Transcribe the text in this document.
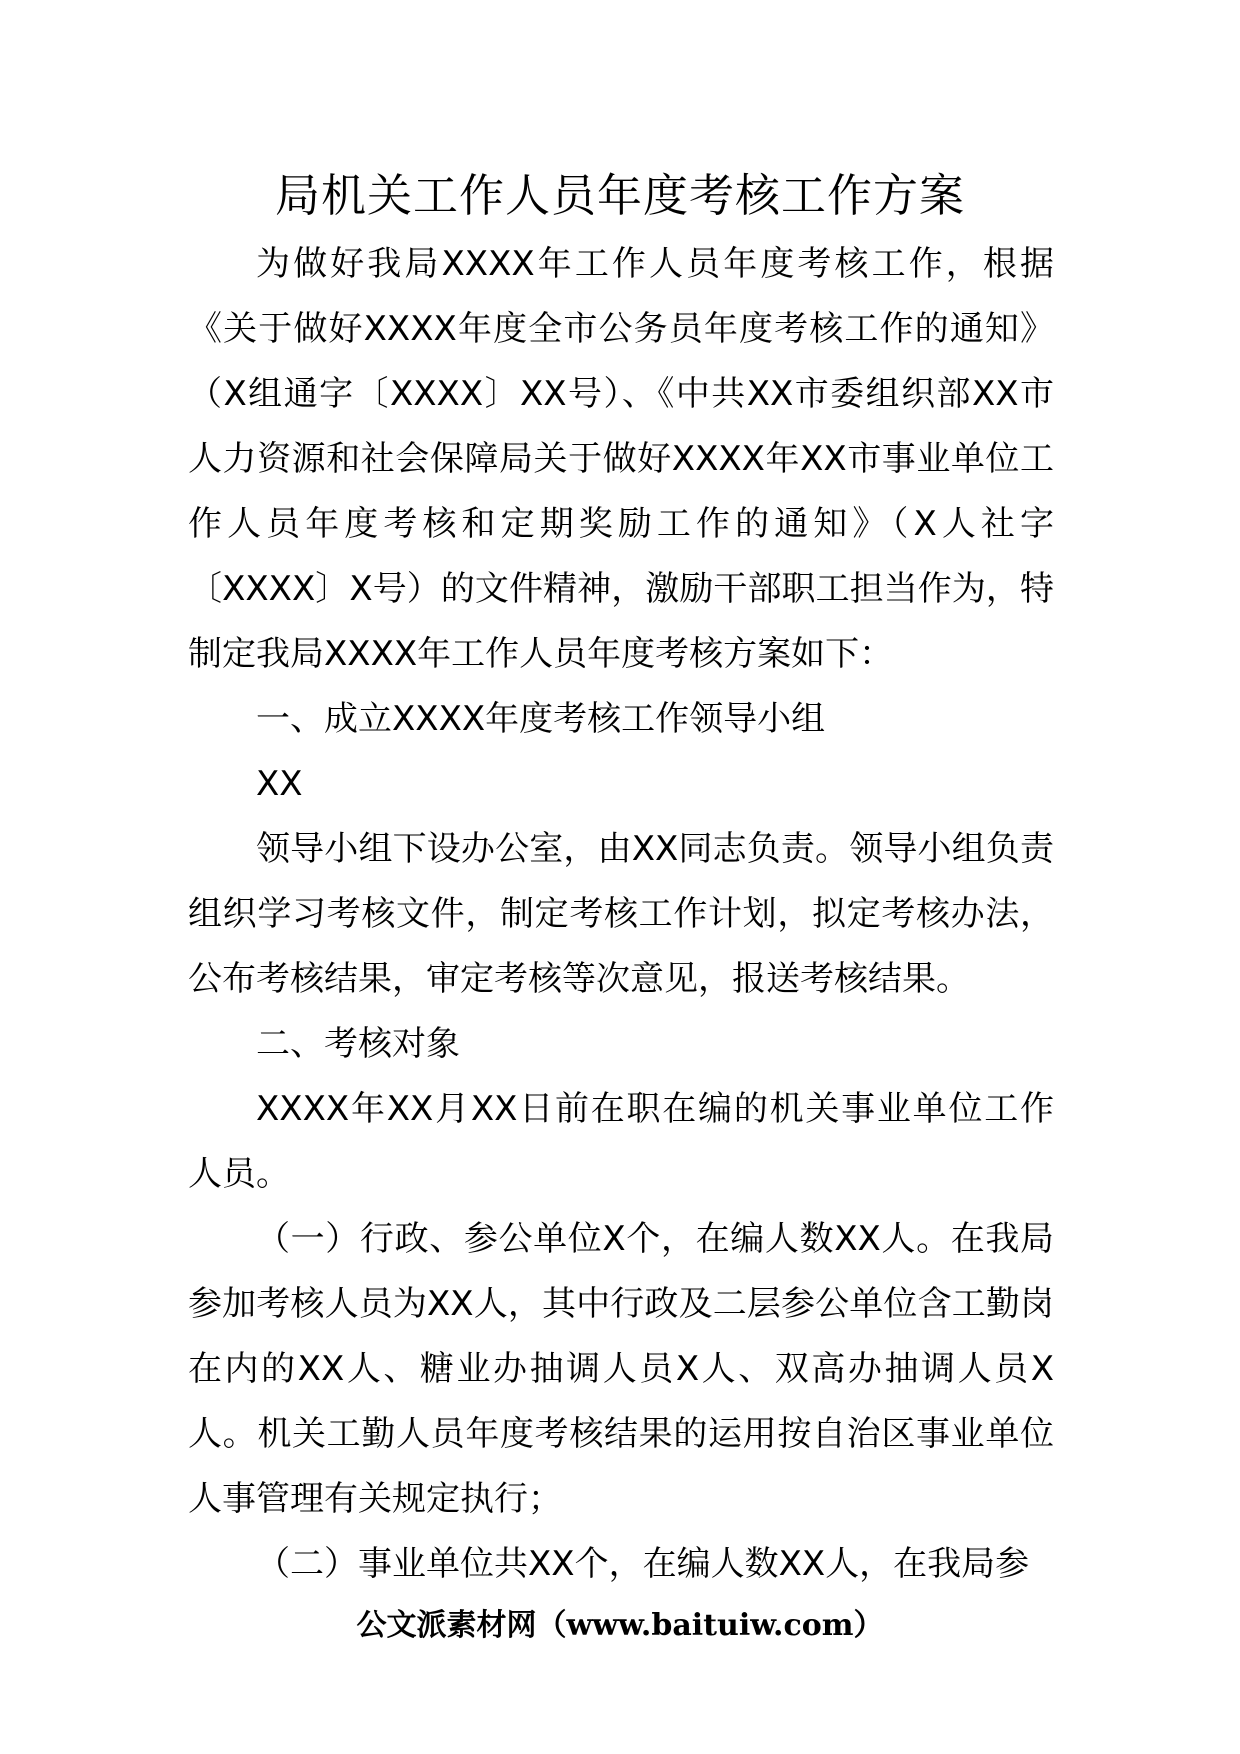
局机关工作人员年度考核工作方案

为做好我局XXXX年工作人员年度考核工作，根据《关于做好XXXX年度全市公务员年度考核工作的通知》（X组通字〔XXXX〕XX号）、《中共XX市委组织部XX市人力资源和社会保障局关于做好XXXX年XX市事业单位工作人员年度考核和定期奖励工作的通知》（X人社字〔XXXX〕X号）的文件精神，激励干部职工担当作为，特制定我局XXXX年工作人员年度考核方案如下：

一、成立XXXX年度考核工作领导小组

XX

领导小组下设办公室，由XX同志负责。领导小组负责组织学习考核文件，制定考核工作计划，拟定考核办法，公布考核结果，审定考核等次意见，报送考核结果。

二、考核对象

XXXX年XX月XX日前在职在编的机关事业单位工作人员。

（一）行政、参公单位X个，在编人数XX人。在我局参加考核人员为XX人，其中行政及二层参公单位含工勤岗在内的XX人、糖业办抽调人员X人、双高办抽调人员X人。机关工勤人员年度考核结果的运用按自治区事业单位人事管理有关规定执行；

（二）事业单位共XX个，在编人数XX人，在我局参

公文派素材网（www.baituiw.com）
